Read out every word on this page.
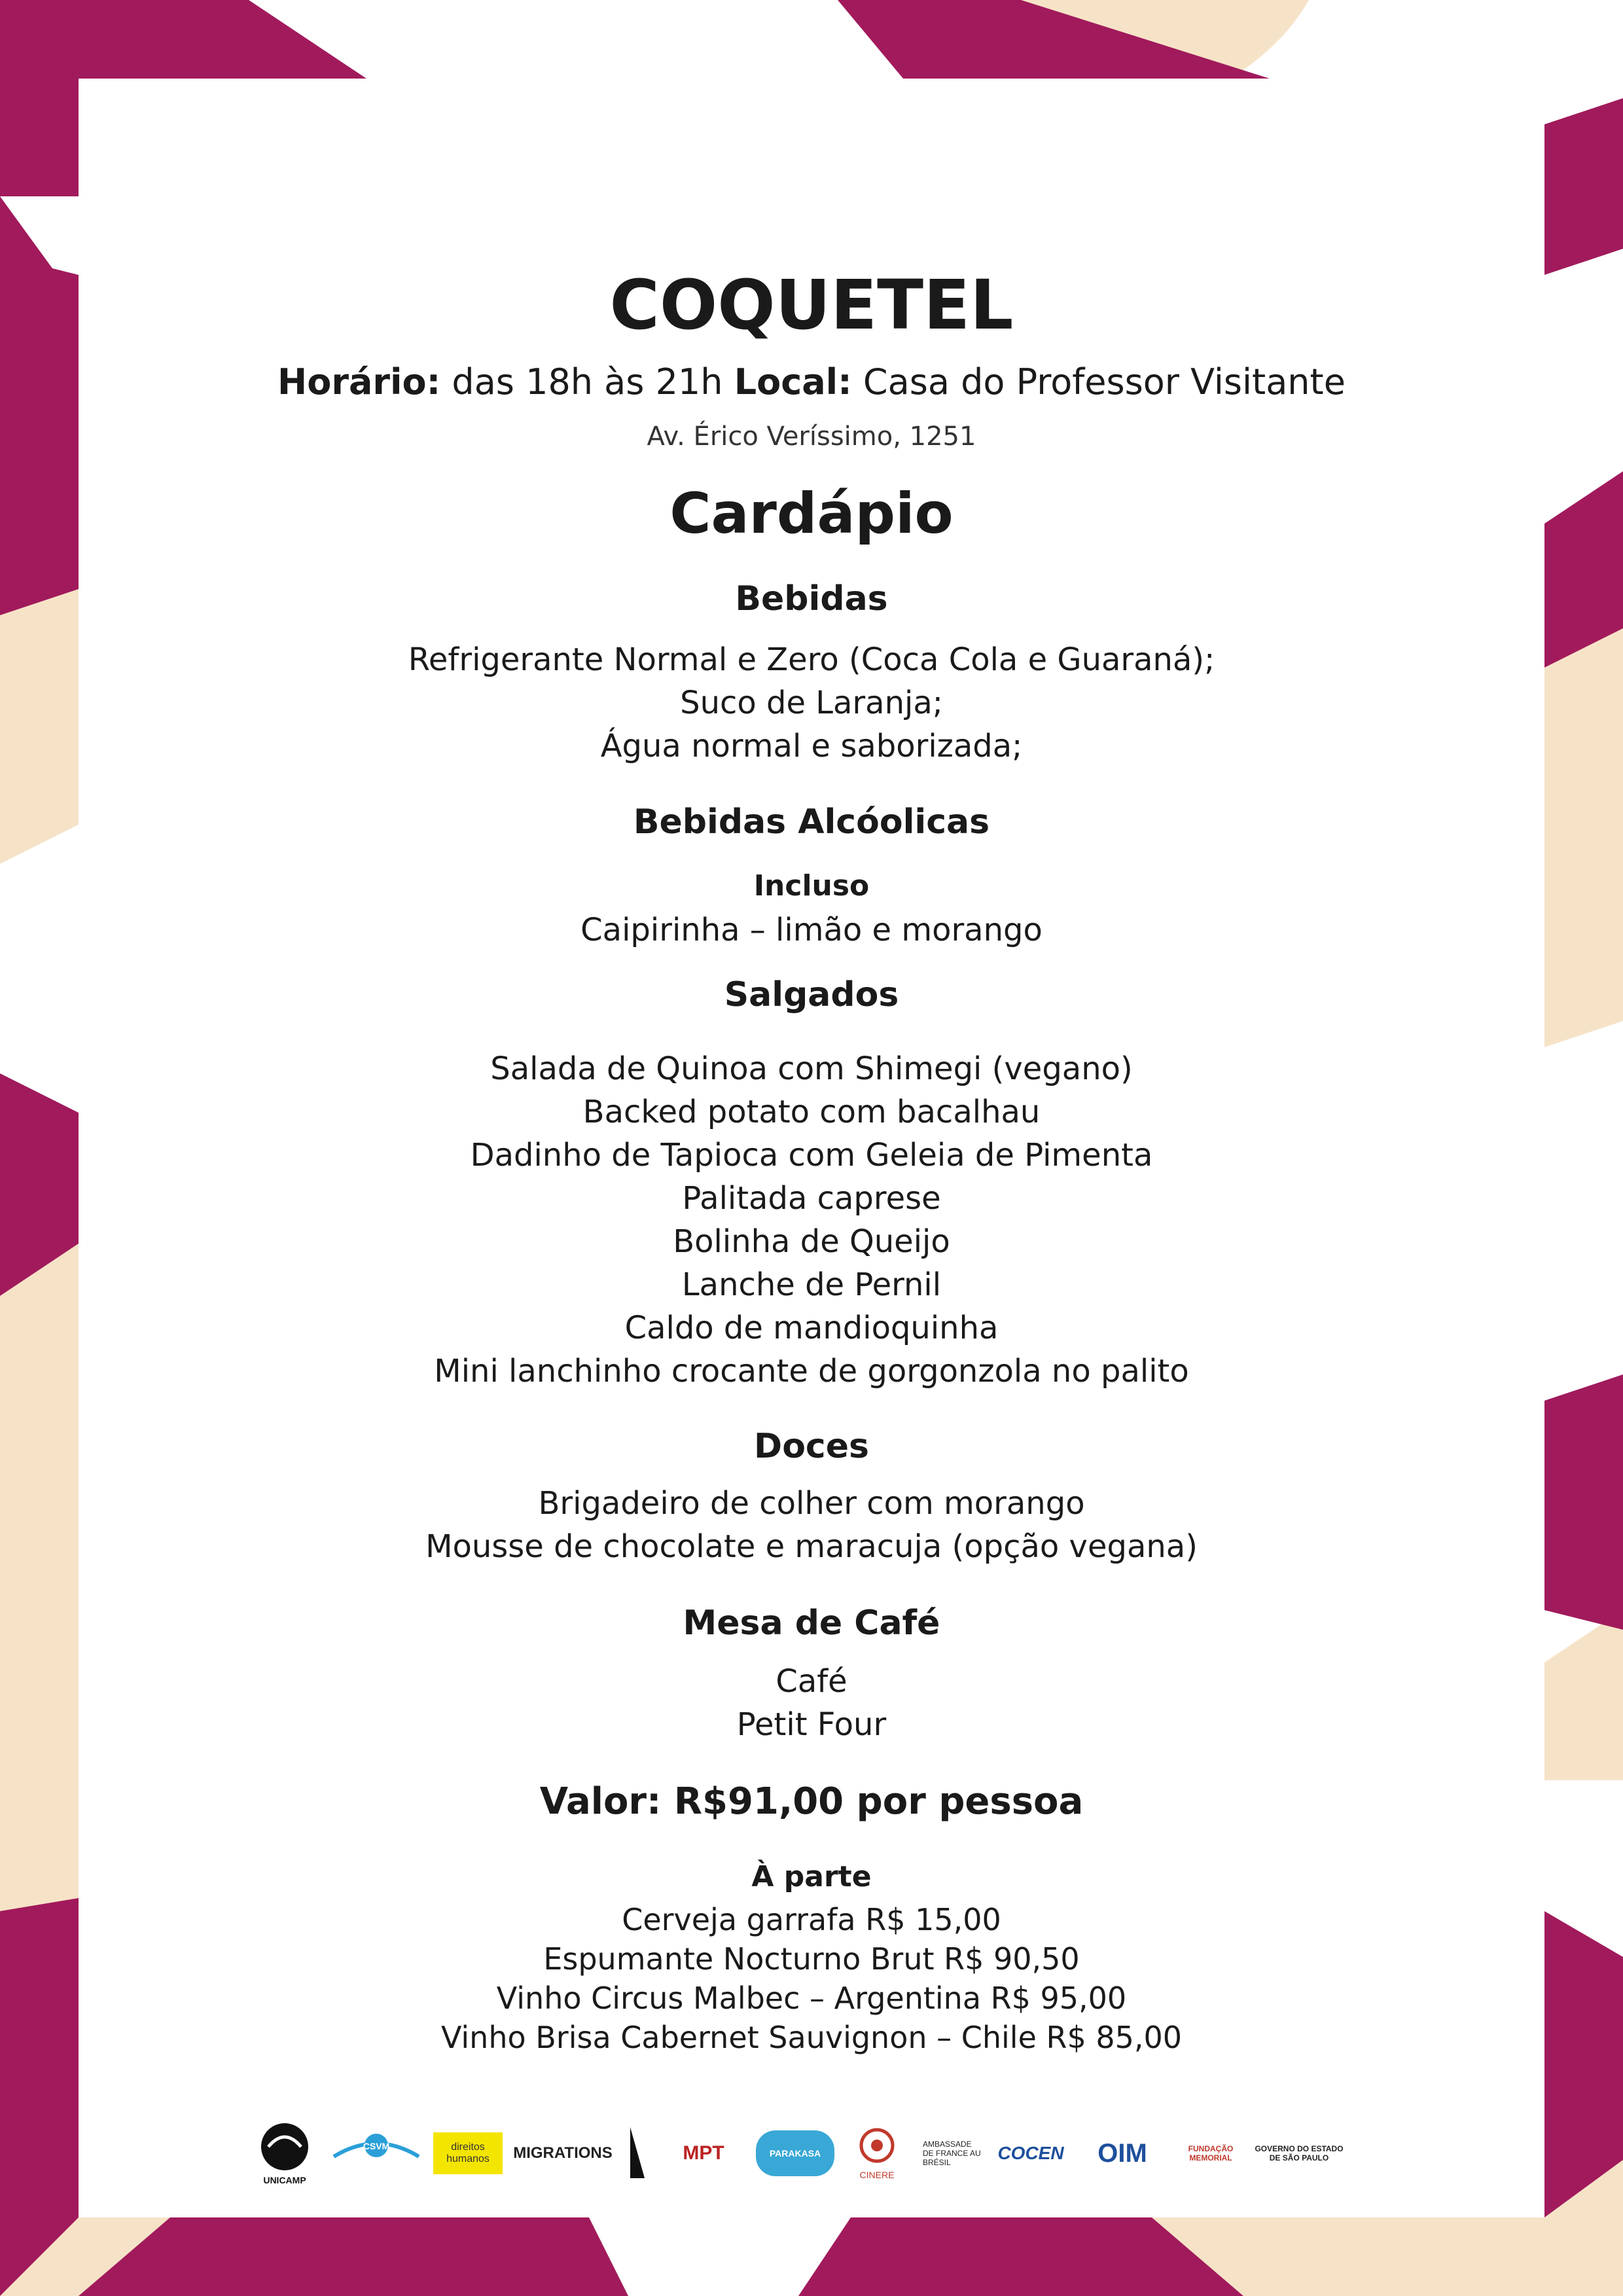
COQUETEL
Horário: das 18h às 21h Local: Casa do Professor Visitante
Av. Érico Veríssimo, 1251
Cardápio
Bebidas
Refrigerante Normal e Zero (Coca Cola e Guaraná);
Suco de Laranja;
Água normal e saborizada;
Bebidas Alcóolicas
Incluso
Caipirinha – limão e morango
Salgados
Salada de Quinoa com Shimegi (vegano)
Backed potato com bacalhau
Dadinho de Tapioca com Geleia de Pimenta
Palitada caprese
Bolinha de Queijo
Lanche de Pernil
Caldo de mandioquinha
Mini lanchinho crocante de gorgonzola no palito
Doces
Brigadeiro de colher com morango
Mousse de chocolate e maracuja (opção vegana)
Mesa de Café
Café
Petit Four
Valor: R$91,00 por pessoa
À parte
Cerveja garrafa R$ 15,00
Espumante Nocturno Brut R$ 90,50
Vinho Circus Malbec – Argentina R$ 95,00
Vinho Brisa Cabernet Sauvignon – Chile R$ 85,00
UNICAMP
CSVM	direitos humanos	MIGRATIONS	MPT	PARAKASA
CINERE
AMBASSADE DE FRANCE AU BRÉSIL	COCEN OIM	FUNDAÇÃO MEMORIAL
GOVERNO DO ESTADO DE SÃO PAULO
